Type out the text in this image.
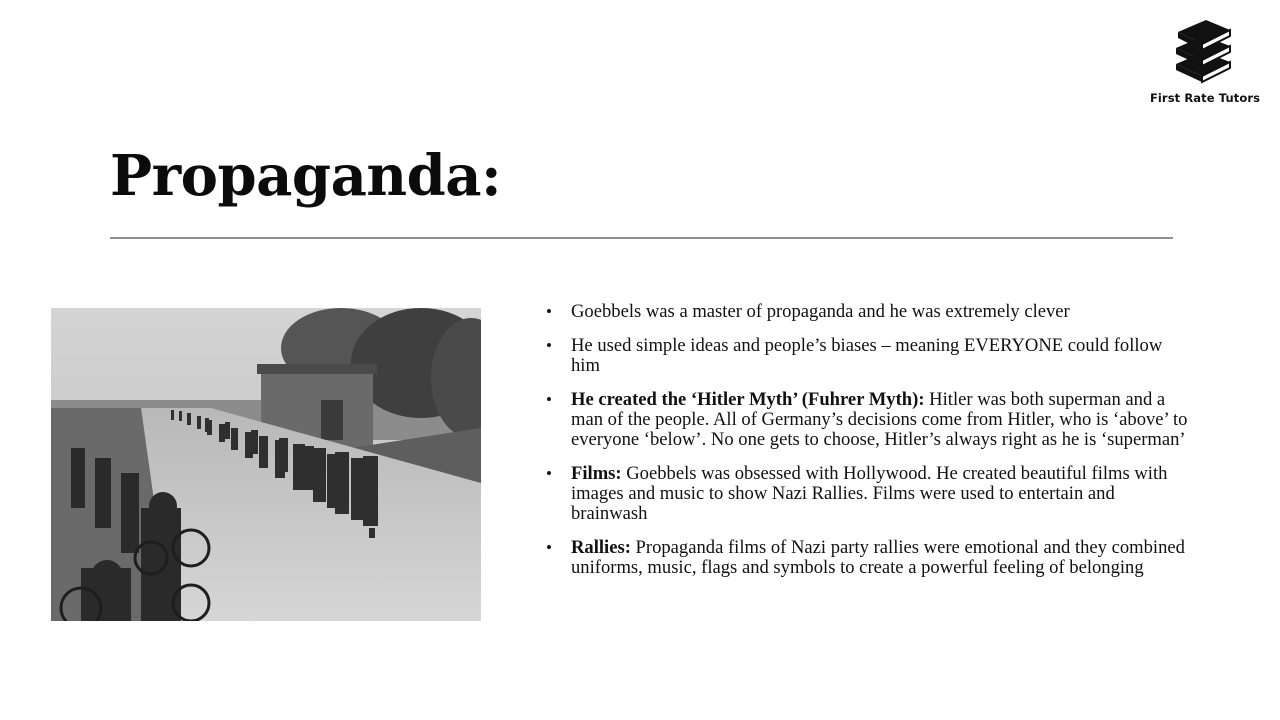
First Rate Tutors
Propaganda:
• Goebbels was a master of propaganda and he was extremely clever
• He used simple ideas and people’s biases – meaning EVERYONE could follow him
• He created the ‘Hitler Myth’ (Fuhrer Myth): Hitler was both superman and a man of the people. All of Germany’s decisions come from Hitler, who is ‘above’ to everyone ‘below’. No one gets to choose, Hitler’s always right as he is ‘superman’
• Films: Goebbels was obsessed with Hollywood. He created beautiful films with images and music to show Nazi Rallies. Films were used to entertain and brainwash
• Rallies: Propaganda films of Nazi party rallies were emotional and they combined uniforms, music, flags and symbols to create a powerful feeling of belonging
